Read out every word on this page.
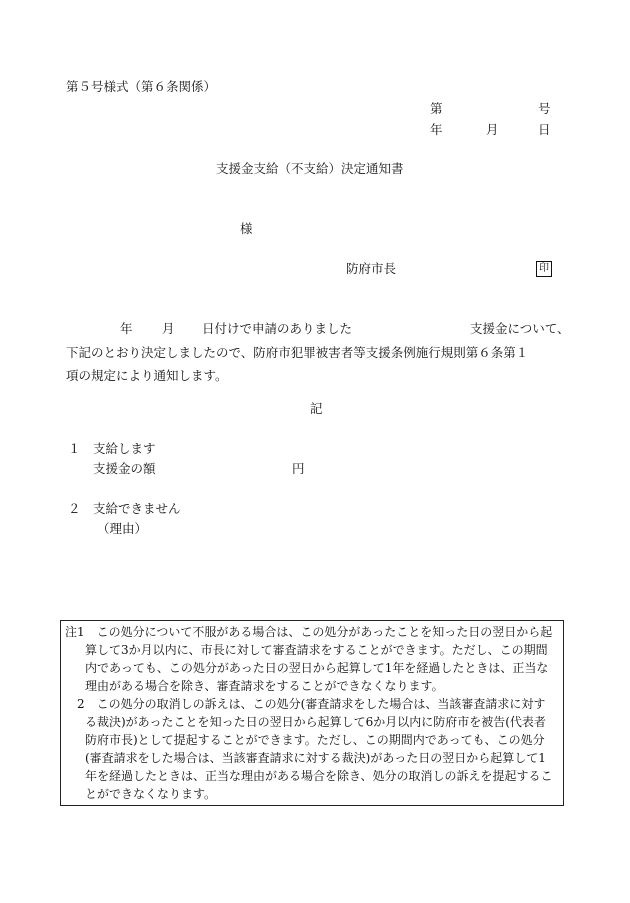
第５号様式（第６条関係）
第	号
年	月	日
支援金支給（不支給）決定通知書
様
防府市長	印
年 月 日付けで申請のありました	支援金について、
下記のとおり決定しましたので、防府市犯罪被害者等支援条例施行規則第６条第１
項の規定により通知します。
記
１ 支給します
支援金の額	円
２ 支給できません
（理由）

注1　この処分について不服がある場合は、この処分があったことを知った日の翌日から起算して3か月以内に、市長に対して審査請求をすることができます。ただし、この期間内であっても、この処分があった日の翌日から起算して1年を経過したときは、正当な理由がある場合を除き、審査請求をすることができなくなります。

2　この処分の取消しの訴えは、この処分(審査請求をした場合は、当該審査請求に対する裁決)があったことを知った日の翌日から起算して6か月以内に防府市を被告(代表者　防府市長)として提起することができます。ただし、この期間内であっても、この処分(審査請求をした場合は、当該審査請求に対する裁決)があった日の翌日から起算して1年を経過したときは、正当な理由がある場合を除き、処分の取消しの訴えを提起することができなくなります。
